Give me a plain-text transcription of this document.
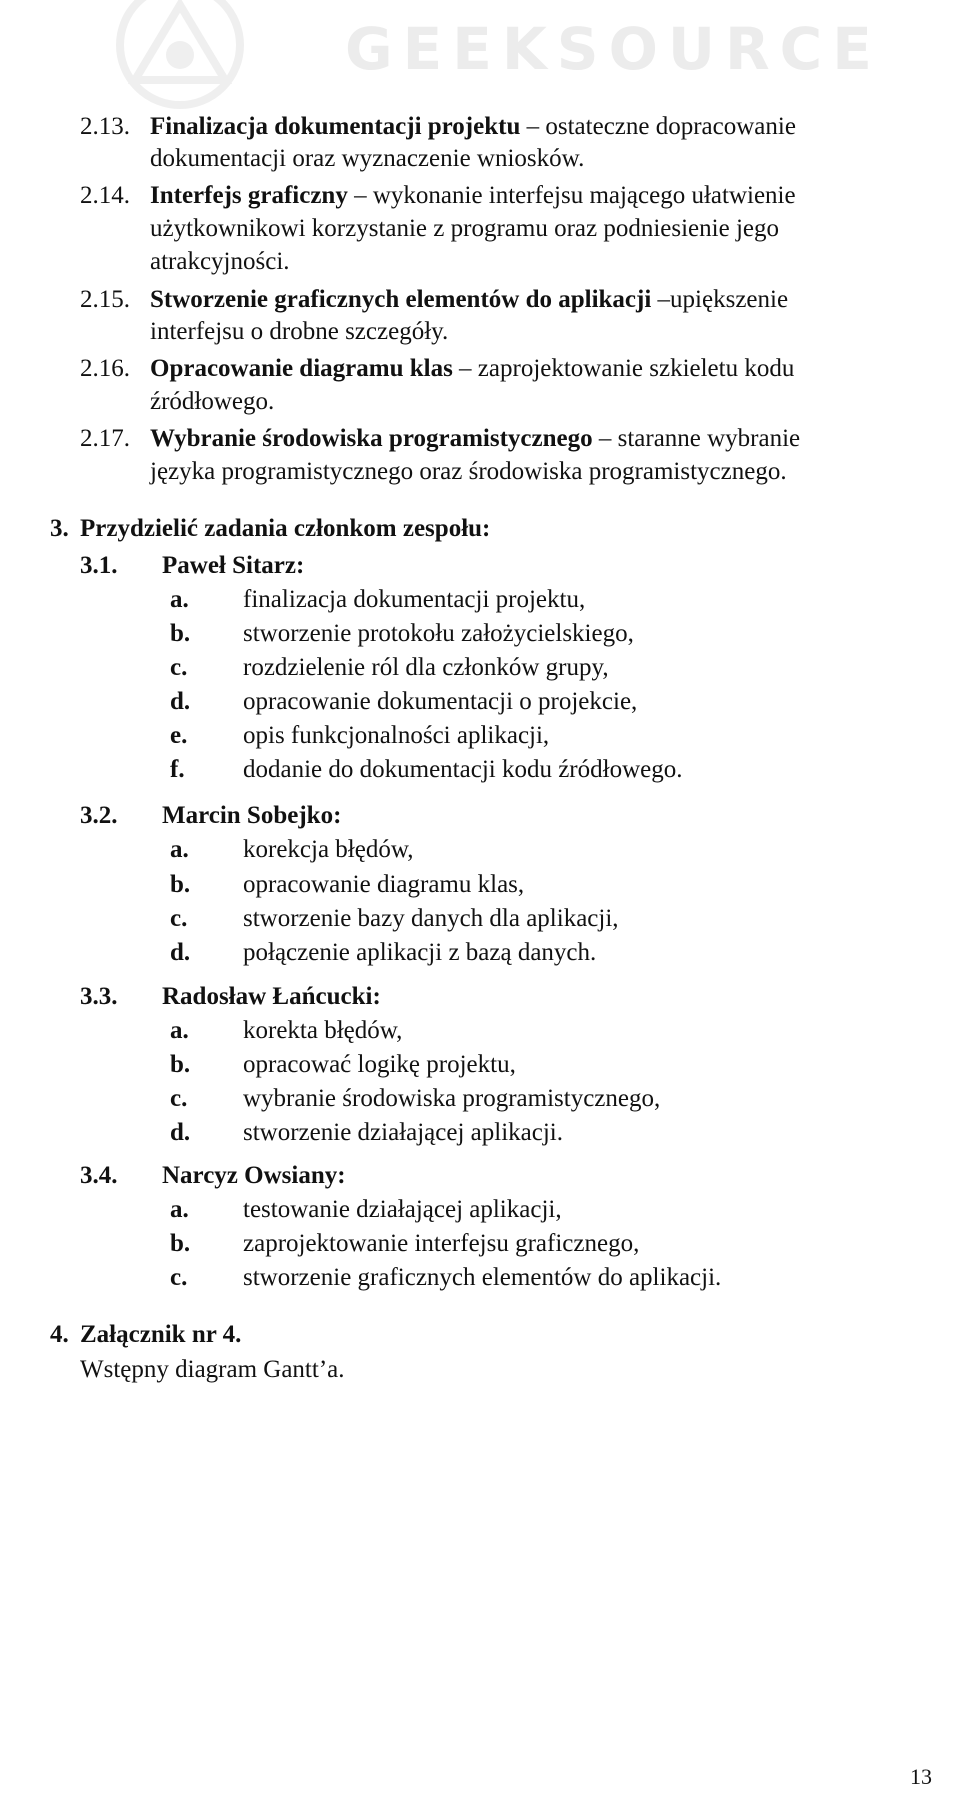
GEEKSOURCE
2.13. Finalizacja dokumentacji projektu – ostateczne dopracowanie
dokumentacji oraz wyznaczenie wniosków.
2.14. Interfejs graficzny – wykonanie interfejsu mającego ułatwienie
użytkownikowi korzystanie z programu oraz podniesienie jego
atrakcyjności.
2.15. Stworzenie graficznych elementów do aplikacji –upiększenie
interfejsu o drobne szczegóły.
2.16. Opracowanie diagramu klas – zaprojektowanie szkieletu kodu
źródłowego.
2.17. Wybranie środowiska programistycznego – staranne wybranie
języka programistycznego oraz środowiska programistycznego.
3. Przydzielić zadania członkom zespołu:
3.1. Paweł Sitarz:
a. finalizacja dokumentacji projektu,
b. stworzenie protokołu założycielskiego,
c. rozdzielenie ról dla członków grupy,
d. opracowanie dokumentacji o projekcie,
e. opis funkcjonalności aplikacji,
f. dodanie do dokumentacji kodu źródłowego.
3.2. Marcin Sobejko:
a. korekcja błędów,
b. opracowanie diagramu klas,
c. stworzenie bazy danych dla aplikacji,
d. połączenie aplikacji z bazą danych.
3.3. Radosław Łańcucki:
a. korekta błędów,
b. opracować logikę projektu,
c. wybranie środowiska programistycznego,
d. stworzenie działającej aplikacji.
3.4. Narcyz Owsiany:
a. testowanie działającej aplikacji,
b. zaprojektowanie interfejsu graficznego,
c. stworzenie graficznych elementów do aplikacji.
4. Załącznik nr 4.
Wstępny diagram Gantt’a.
13
